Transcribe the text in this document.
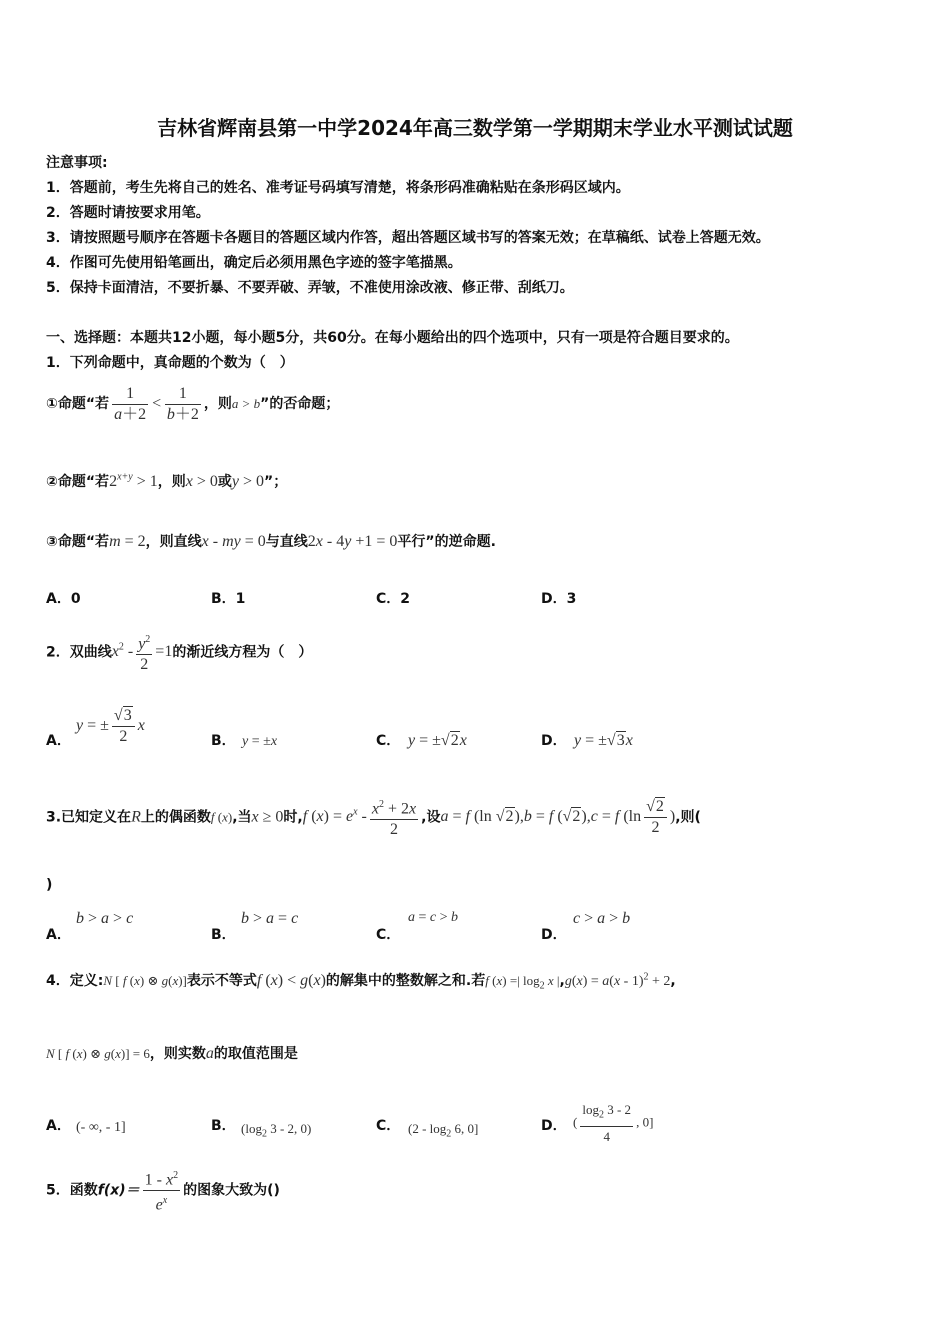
吉林省辉南县第一中学2024年高三数学第一学期期末学业水平测试试题
注意事项:
1．答题前，考生先将自己的姓名、准考证号码填写清楚，将条形码准确粘贴在条形码区域内。
2．答题时请按要求用笔。
3．请按照题号顺序在答题卡各题目的答题区域内作答，超出答题区域书写的答案无效；在草稿纸、试卷上答题无效。
4．作图可先使用铅笔画出，确定后必须用黑色字迹的签字笔描黑。
5．保持卡面清洁，不要折暴、不要弄破、弄皱，不准使用涂改液、修正带、刮纸刀。
一、选择题：本题共12小题，每小题5分，共60分。在每小题给出的四个选项中，只有一项是符合题目要求的。
1．下列命题中，真命题的个数为（　）
①命题“若 $\frac{1}{a+2} < \frac{1}{b+2}$ ，则a > b”的否命题；
②命题“若$2^{x+y} > 1$，则x > 0或y > 0”；
③命题“若m = 2，则直线x - my = 0与直线2x - 4y +1 = 0平行”的逆命题.
A．0	B．1	C．2	D．3
2．双曲线$x^2 - \frac{y^2}{2} =1$的渐近线方程为（　）
A．
y = ± $\frac{√3}{2}$ x
B． y = ±x	C． y = ±√2x	D． y = ±√3x
3.已知定义在R上的偶函数f (x),当x ≥ 0时,f $(x) = e^x - \frac{x^2 + 2x}{2}$ ,设a = f (ln √2),b = f (√2),c = f ($\ln \frac{√2}{2}$ ),则(
)
A．
b > a > c
B．
b > a = c
C．
a = c > b
D．
c > a > b
4．定义:N [ f (x) ⊗ g(x)]表示不等式f (x) < g(x)的解集中的整数解之和.若f (x) =| $\log_2 x$ |,g(x) = a(x - 1)$^2$ + 2,
N [ f (x) ⊗ g(x)] = 6，则实数a的取值范围是
A． (- ∞, - 1]	B． ($\log_2$ 3 - 2, 0)	C． ($2 - \log_2 6$, 0]	D． ( $\frac{\log_2 3 - 2}{4}$ , 0]
5．函数$f(x)= \frac{1 - x^2}{e^x}$ 的图象大致为()
